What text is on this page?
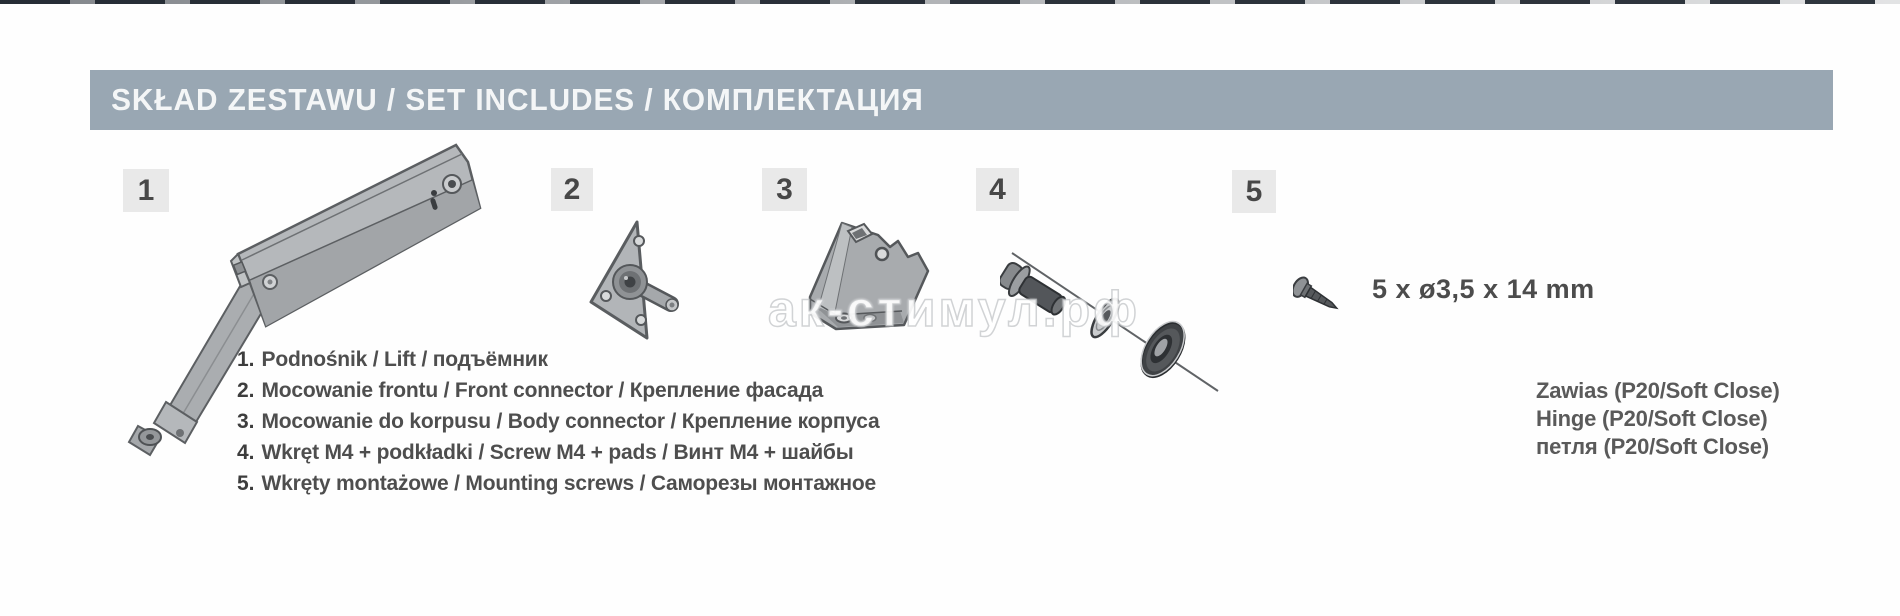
SKŁAD ZESTAWU / SET INCLUDES / КОМПЛЕКТАЦИЯ
1	2	3	4	5
5 x ø3,5 x 14 mm
1. Podnośnik / Lift / подъёмник
2. Mocowanie frontu / Front connector / Крепление фасада
3. Mocowanie do korpusu / Body connector / Крепление корпуса
4. Wkręt M4 + podkładki / Screw M4 + pads / Винт M4 + шайбы
5. Wkręty montażowe / Mounting screws / Саморезы монтажное
Zawias (P20/Soft Close)
Hinge (P20/Soft Close)
петля (P20/Soft Close)
ак-стимул.рф
